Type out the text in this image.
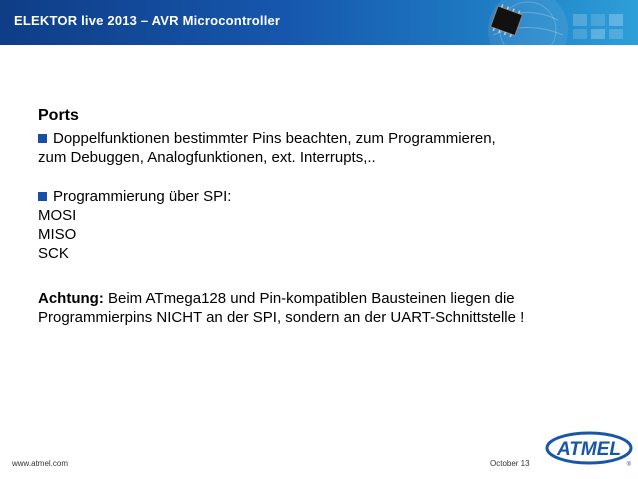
ELEKTOR live 2013 – AVR Microcontroller

Ports

Doppelfunktionen bestimmter Pins beachten, zum Programmieren,

zum Debuggen, Analogfunktionen, ext. Interrupts,..

Programmierung über SPI:

MOSI

MISO

SCK

Achtung: Beim ATmega128 und Pin-kompatiblen Bausteinen liegen die

Programmierpins NICHT an der SPI, sondern an der UART-Schnittstelle !

www.atmel.com	October 13
ATMEL
®
